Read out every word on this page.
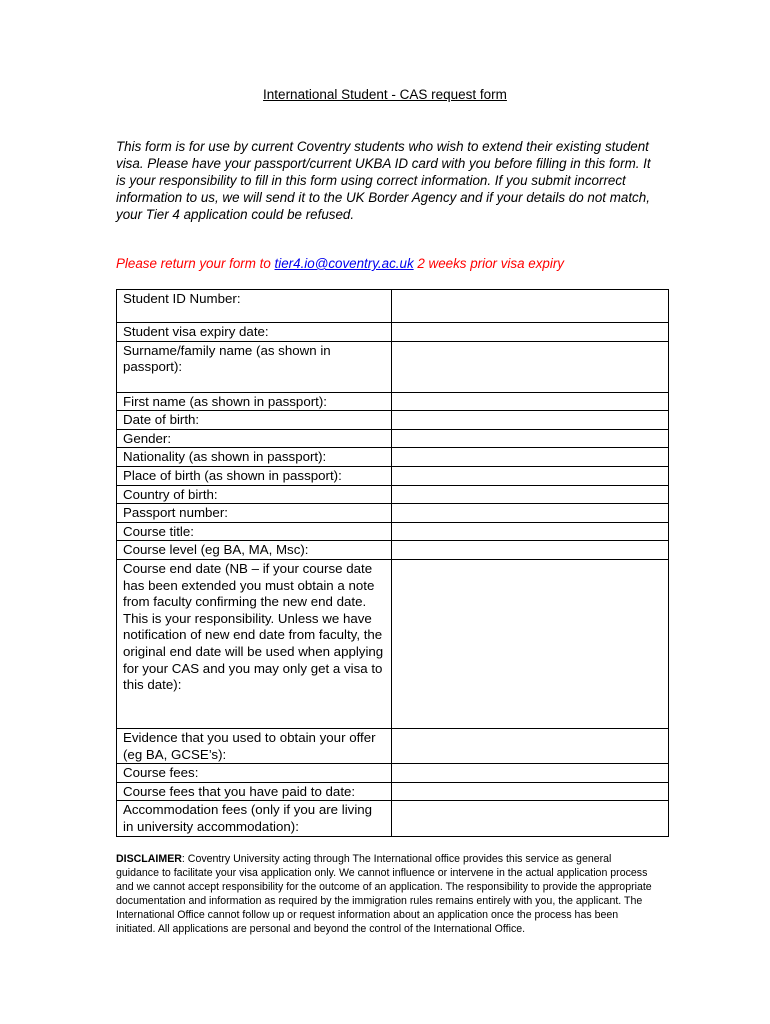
International Student - CAS request form

This form is for use by current Coventry students who wish to extend their existing student visa. Please have your passport/current UKBA ID card with you before filling in this form. It is your responsibility to fill in this form using correct information. If you submit incorrect information to us, we will send it to the UK Border Agency and if your details do not match, your Tier 4 application could be refused.

Please return your form to tier4.io@coventry.ac.uk 2 weeks prior visa expiry
Student ID Number:	
Student visa expiry date:	
Surname/family name (as shown in passport):	
First name (as shown in passport):	
Date of birth:	
Gender:	
Nationality (as shown in passport):	
Place of birth (as shown in passport):	
Country of birth:	
Passport number:	
Course title:	
Course level (eg BA, MA, Msc):	
Course end date (NB – if your course date has been extended you must obtain a note from faculty confirming the new end date. This is your responsibility. Unless we have notification of new end date from faculty, the original end date will be used when applying for your CAS and you may only get a visa to this date):	
Evidence that you used to obtain your offer (eg BA, GCSE’s):	
Course fees:	
Course fees that you have paid to date:	
Accommodation fees (only if you are living in university accommodation):	
DISCLAIMER: Coventry University acting through The International office provides this service as general guidance to facilitate your visa application only. We cannot influence or intervene in the actual application process and we cannot accept responsibility for the outcome of an application. The responsibility to provide the appropriate documentation and information as required by the immigration rules remains entirely with you, the applicant. The International Office cannot follow up or request information about an application once the process has been initiated. All applications are personal and beyond the control of the International Office.
